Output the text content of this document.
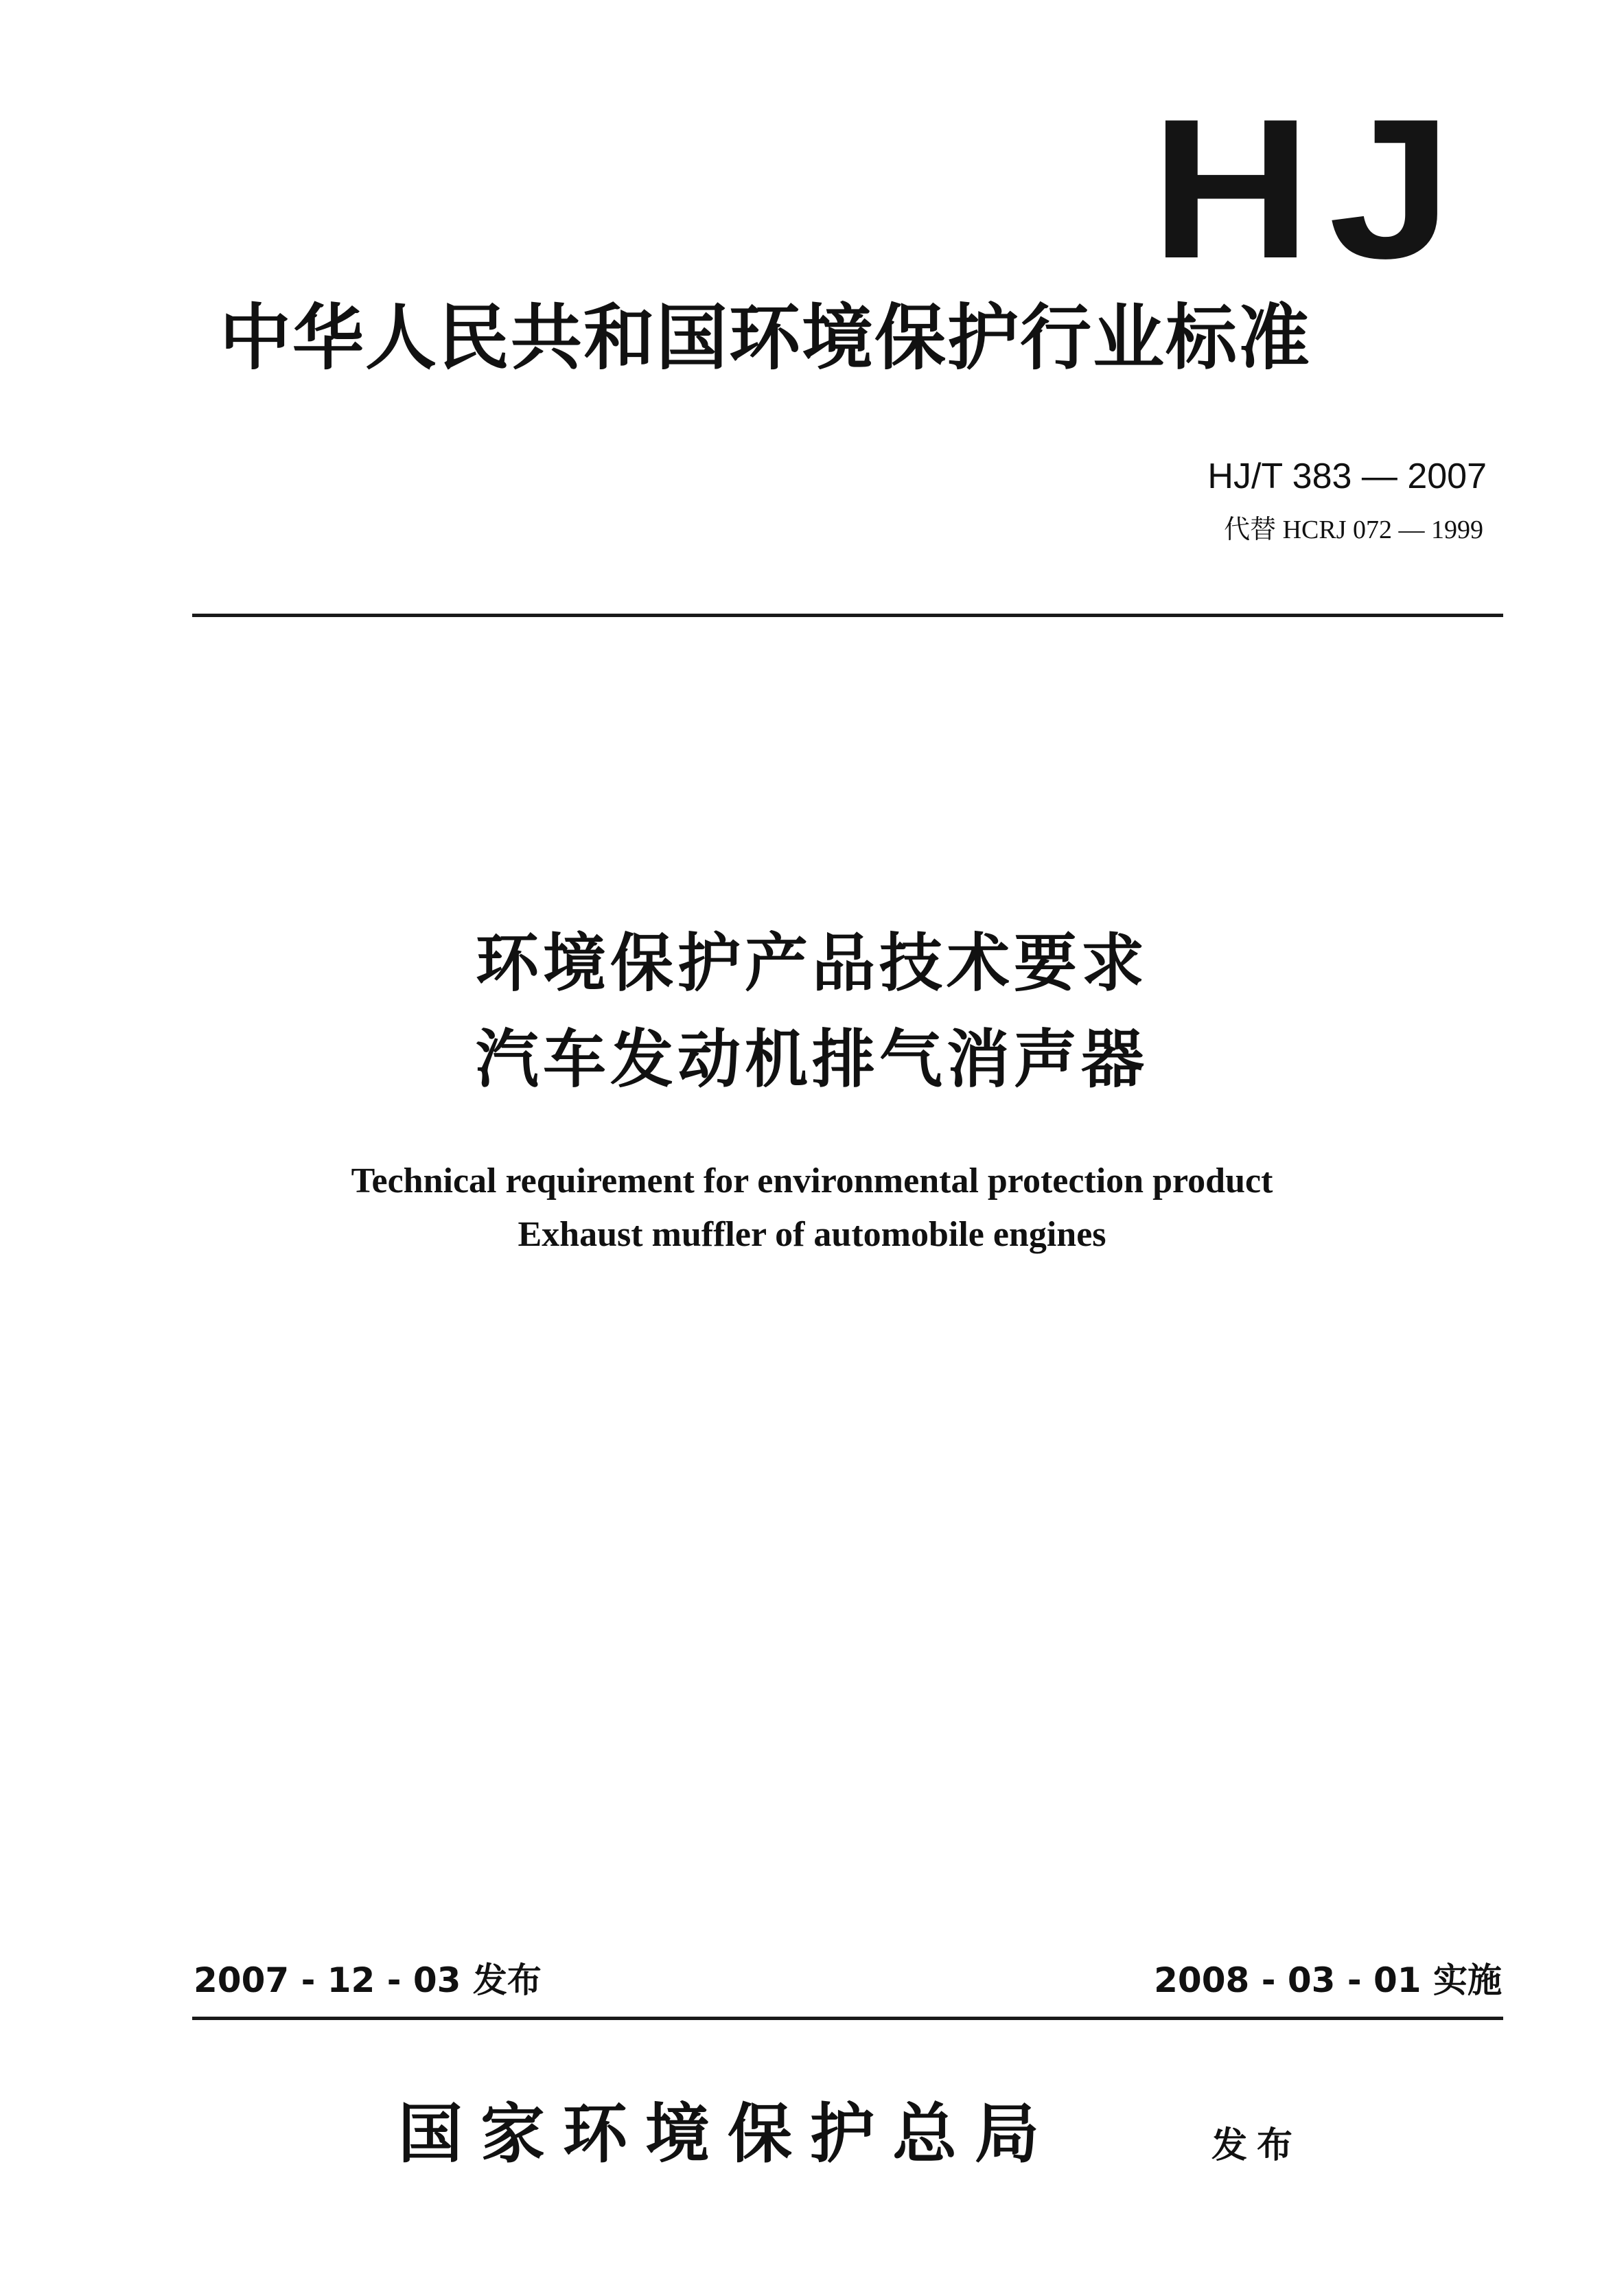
HJ
中华人民共和国环境保护行业标准
HJ/T 383 — 2007
代替 HCRJ 072 — 1999
环境保护产品技术要求
汽车发动机排气消声器
Technical requirement for environmental protection product
Exhaust muffler of automobile engines
2007 - 12 - 03 发布	2008 - 03 - 01 实施
国家环境保护总局	发布
